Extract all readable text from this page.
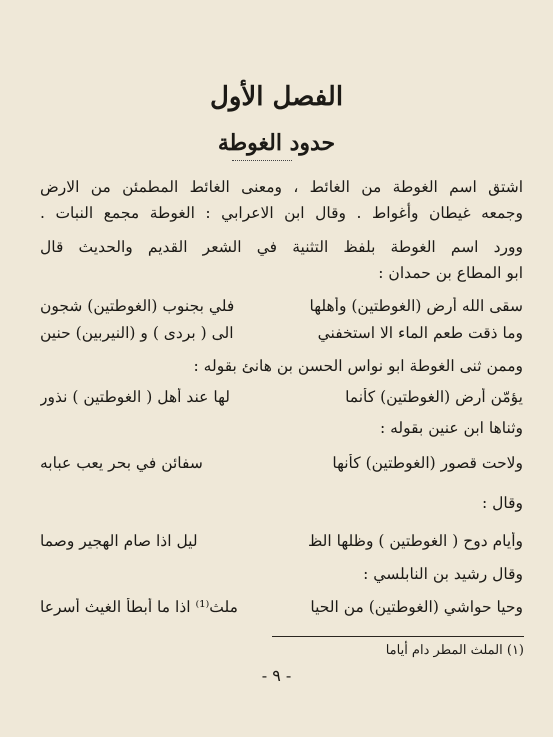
الفصل الأول
حدود الغوطة
اشتق اسم الغوطة من الغائط ، ومعنى الغائط المطمئن من الارض
وجمعه غيطان وأغواط . وقال ابن الاعرابي : الغوطة مجمع النبات .
وورد اسم الغوطة بلفظ التثنية في الشعر القديم والحديث قال
ابو المطاع بن حمدان :
سقى الله أرض (الغوطتين) وأهلها
فلي بجنوب (الغوطتين) شجون
وما ذقت طعم الماء الا استخفني
الى ( بردى ) و (النيربين) حنين
وممن ثنى الغوطة ابو نواس الحسن بن هانئ بقوله :
يؤمّن أرض (الغوطتين) كأنما
لها عند أهل ( الغوطتين ) نذور
وثناها ابن عنين بقوله :
ولاحت قصور (الغوطتين) كأنها
سفائن في بحر يعب عبابه
وقال :
وأيام دوح ( الغوطتين ) وظلها الظ
ليل اذا صام الهجير وصما
وقال رشيد بن النابلسي :
وحيا حواشي (الغوطتين) من الحيا
ملث⁽¹⁾ اذا ما أبطأ الغيث أسرعا
(١) الملث المطر دام أياما
- ٩ -
